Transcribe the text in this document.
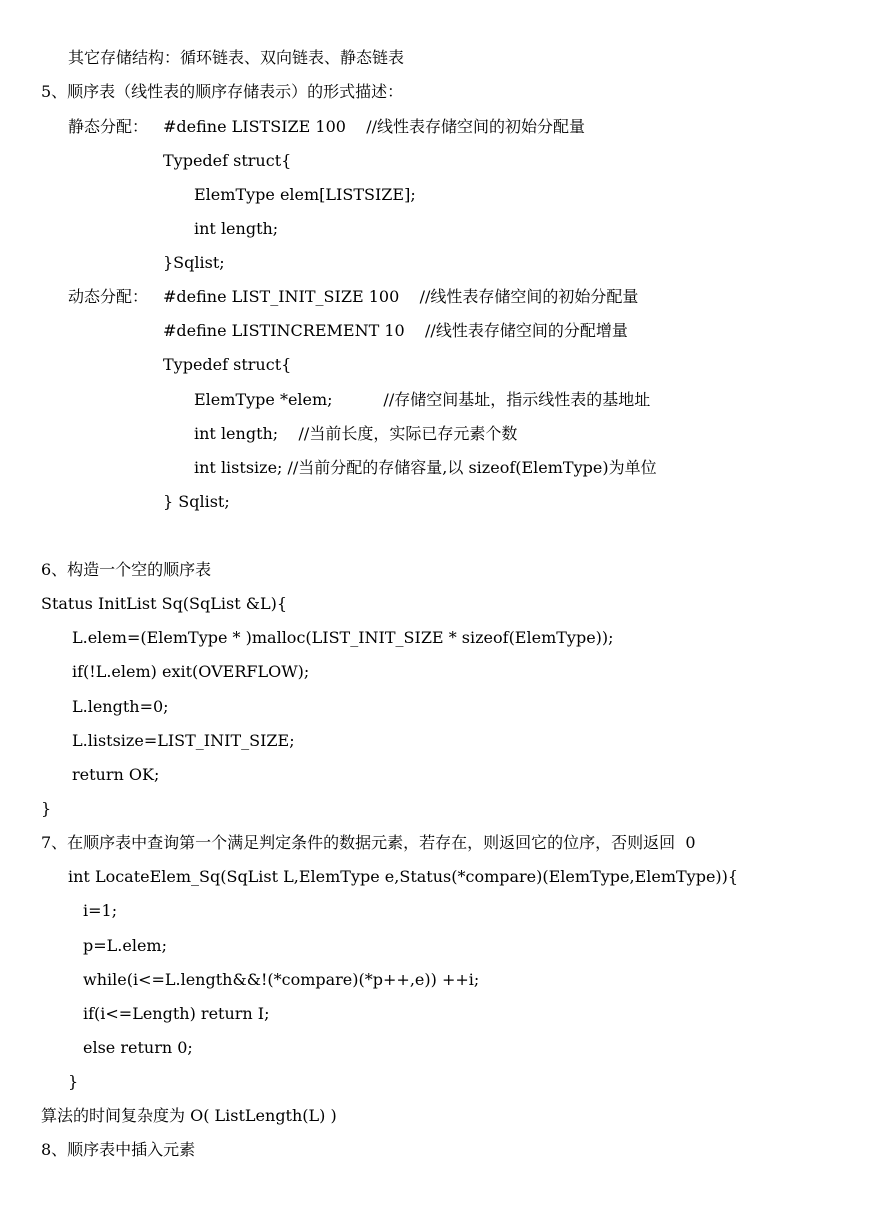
其它存储结构：循环链表、双向链表、静态链表
5、顺序表（线性表的顺序存储表示）的形式描述：
静态分配： #define LISTSIZE 100    //线性表存储空间的初始分配量
Typedef struct{
ElemType elem[LISTSIZE];
int length;
}Sqlist;
动态分配： #define LIST_INIT_SIZE 100    //线性表存储空间的初始分配量
#define LISTINCREMENT 10    //线性表存储空间的分配增量
Typedef struct{
ElemType *elem;          //存储空间基址，指示线性表的基地址
int length;    //当前长度，实际已存元素个数
int listsize; //当前分配的存储容量,以 sizeof(ElemType)为单位
} Sqlist;
6、构造一个空的顺序表
Status InitList Sq(SqList &L){
L.elem=(ElemType * )malloc(LIST_INIT_SIZE * sizeof(ElemType));
if(!L.elem) exit(OVERFLOW);
L.length=0;
L.listsize=LIST_INIT_SIZE;
return OK;
}
7、在顺序表中查询第一个满足判定条件的数据元素，若存在，则返回它的位序，否则返回  0
int LocateElem_Sq(SqList L,ElemType e,Status(*compare)(ElemType,ElemType)){
i=1;
p=L.elem;
while(i<=L.length&&!(*compare)(*p++,e)) ++i;
if(i<=Length) return I;
else return 0;
}
算法的时间复杂度为 O( ListLength(L) )
8、顺序表中插入元素
